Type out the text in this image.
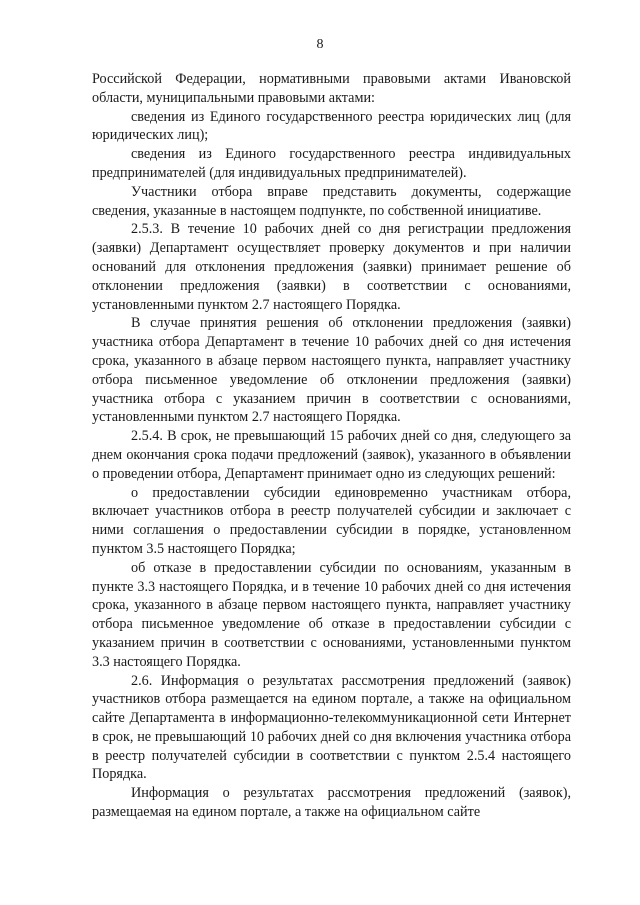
8

Российской Федерации, нормативными правовыми актами Ивановской области, муниципальными правовыми актами:

сведения из Единого государственного реестра юридических лиц (для юридических лиц);

сведения из Единого государственного реестра индивидуальных предпринимателей (для индивидуальных предпринимателей).

Участники отбора вправе представить документы, содержащие сведения, указанные в настоящем подпункте, по собственной инициативе.

2.5.3. В течение 10 рабочих дней со дня регистрации предложения (заявки) Департамент осуществляет проверку документов и при наличии оснований для отклонения предложения (заявки) принимает решение об отклонении предложения (заявки) в соответствии с основаниями, установленными пунктом 2.7 настоящего Порядка.

В случае принятия решения об отклонении предложения (заявки) участника отбора Департамент в течение 10 рабочих дней со дня истечения срока, указанного в абзаце первом настоящего пункта, направляет участнику отбора письменное уведомление об отклонении предложения (заявки) участника отбора с указанием причин в соответствии с основаниями, установленными пунктом 2.7 настоящего Порядка.

2.5.4. В срок, не превышающий 15 рабочих дней со дня, следующего за днем окончания срока подачи предложений (заявок), указанного в объявлении о проведении отбора, Департамент принимает одно из следующих решений:

о предоставлении субсидии единовременно участникам отбора, включает участников отбора в реестр получателей субсидии и заключает с ними соглашения о предоставлении субсидии в порядке, установленном пунктом 3.5 настоящего Порядка;

об отказе в предоставлении субсидии по основаниям, указанным в пункте 3.3 настоящего Порядка, и в течение 10 рабочих дней со дня истечения срока, указанного в абзаце первом настоящего пункта, направляет участнику отбора письменное уведомление об отказе в предоставлении субсидии с указанием причин в соответствии с основаниями, установленными пунктом 3.3 настоящего Порядка.

2.6. Информация о результатах рассмотрения предложений (заявок) участников отбора размещается на едином портале, а также на официальном сайте Департамента в информационно-телекоммуникационной сети Интернет в срок, не превышающий 10 рабочих дней со дня включения участника отбора в реестр получателей субсидии в соответствии с пунктом 2.5.4 настоящего Порядка.

Информация о результатах рассмотрения предложений (заявок), размещаемая на едином портале, а также на официальном сайте
